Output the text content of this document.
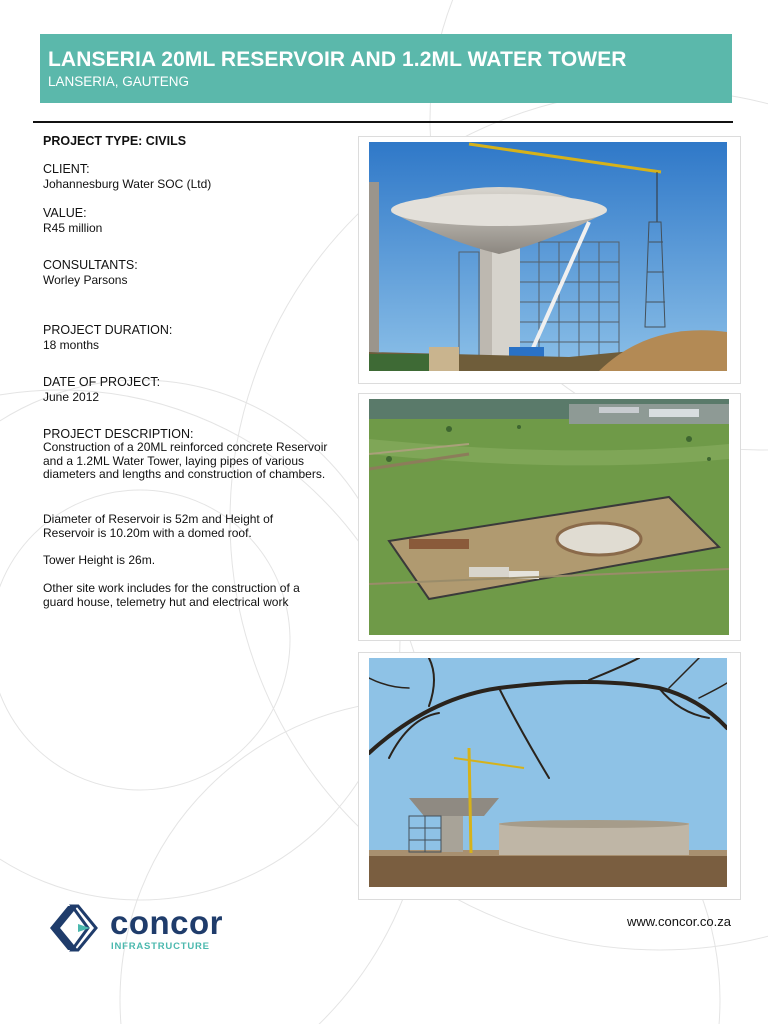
LANSERIA 20ML RESERVOIR AND 1.2ML WATER TOWER
LANSERIA, GAUTENG
PROJECT TYPE: CIVILS
CLIENT:
Johannesburg Water SOC (Ltd)
VALUE:
R45 million
CONSULTANTS:
Worley Parsons
PROJECT DURATION:
18 months
DATE OF PROJECT:
June 2012
PROJECT DESCRIPTION:
Construction of a 20ML reinforced concrete Reservoir and a 1.2ML Water Tower, laying pipes of various diameters and lengths and construction of chambers.
Diameter of Reservoir is 52m and Height of Reservoir is 10.20m with a domed roof.
Tower Height is 26m.
Other site work includes for the construction of a guard house, telemetry hut and electrical work
concor
INFRASTRUCTURE
www.concor.co.za
